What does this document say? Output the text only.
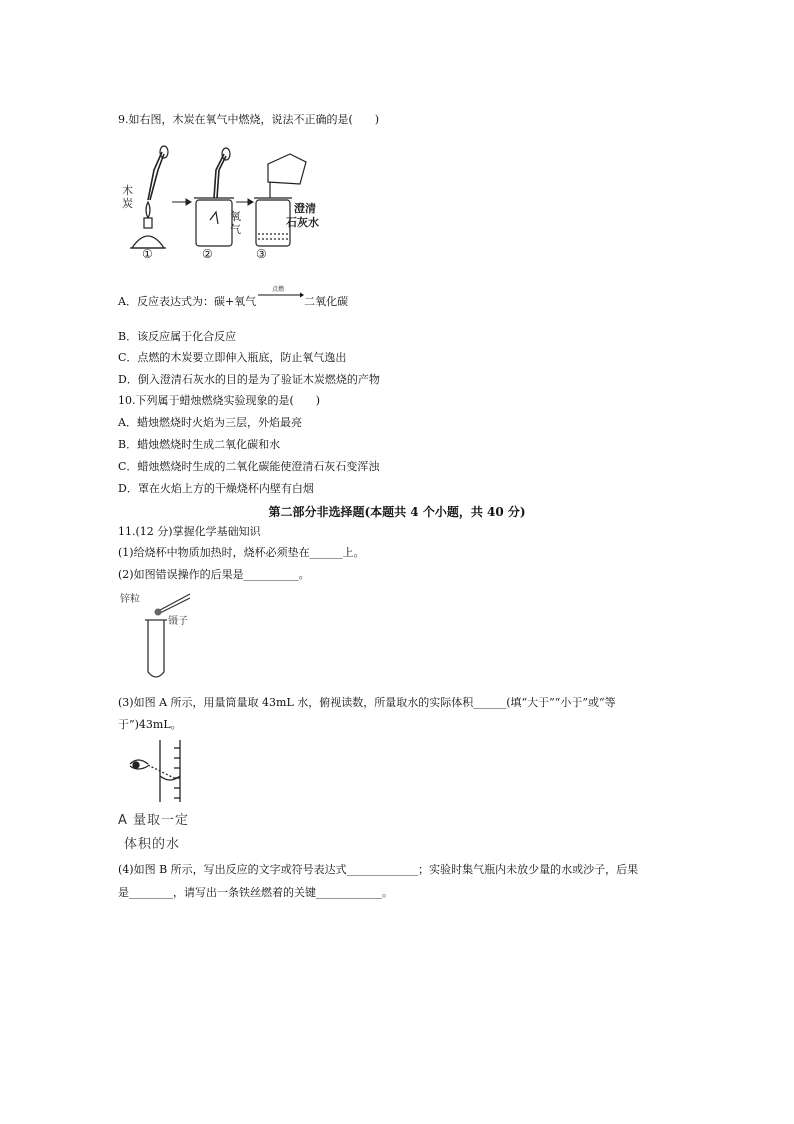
9.如右图，木炭在氧气中燃烧，说法不正确的是(　　)
木
炭
氧
气
澄清
石灰水
①	②	③
A．反应表达式为：碳+氧气
点燃
二氧化碳
B．该反应属于化合反应
C．点燃的木炭要立即伸入瓶底，防止氧气逸出
D．倒入澄清石灰水的目的是为了验证木炭燃烧的产物
10.下列属于蜡烛燃烧实验现象的是(　　)
A．蜡烛燃烧时火焰为三层，外焰最亮
B．蜡烛燃烧时生成二氧化碳和水
C．蜡烛燃烧时生成的二氧化碳能使澄清石灰石变浑浊
D．罩在火焰上方的干燥烧杯内壁有白烟
第二部分非选择题(本题共 4 个小题，共 40 分)
11.(12 分)掌握化学基础知识
(1)给烧杯中物质加热时，烧杯必须垫在______上。
(2)如图错误操作的后果是__________。
锌粒
镊子
(3)如图 A 所示，用量筒量取 43mL 水，俯视读数，所量取水的实际体积______(填“大于”“小于”或“等
于”)43mL。
A 量取一定
体积的水
(4)如图 B 所示，写出反应的文字或符号表达式_____________；实验时集气瓶内未放少量的水或沙子，后果
是________，请写出一条铁丝燃着的关键____________。
